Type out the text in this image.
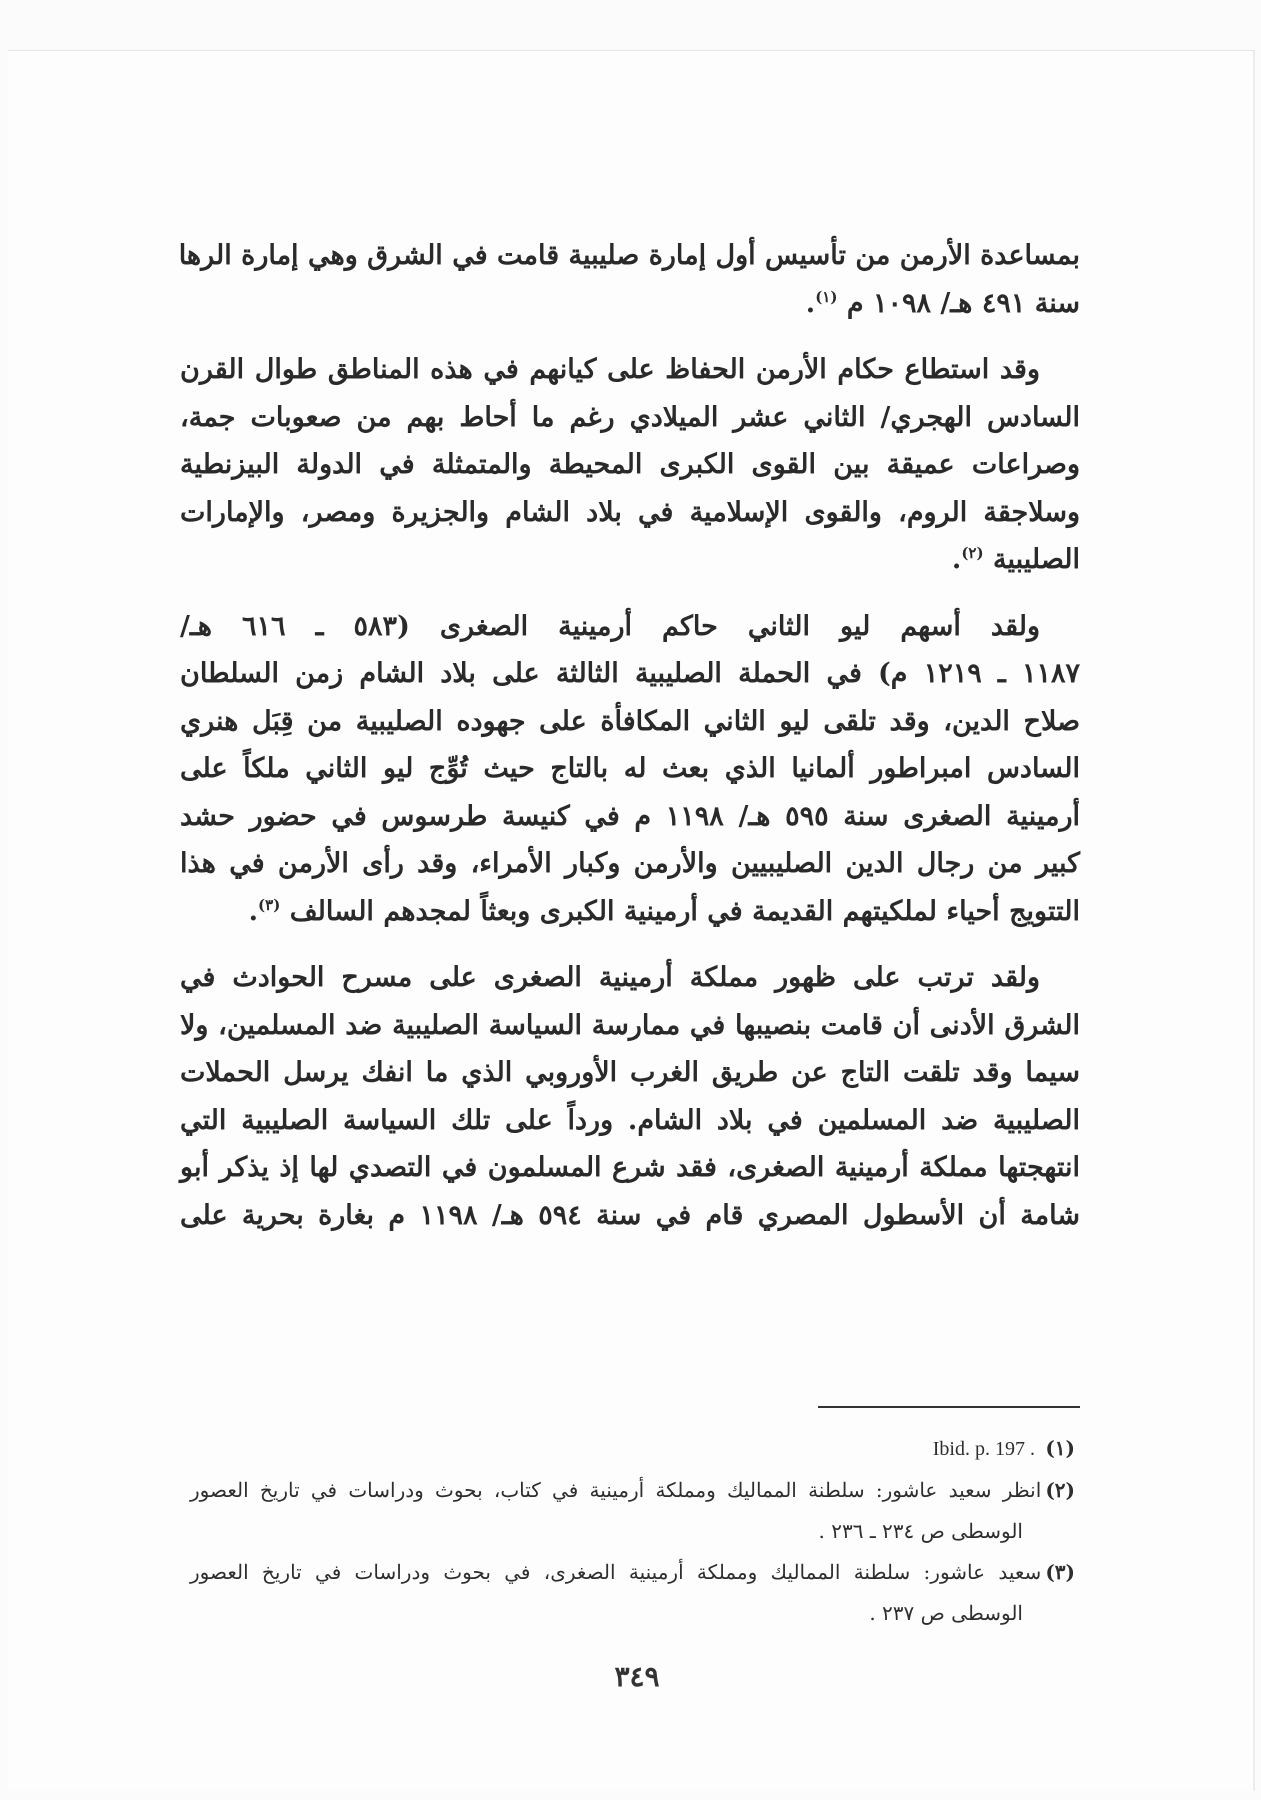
بمساعدة الأرمن من تأسيس أول إمارة صليبية قامت في الشرق وهي إمارة الرها
سنة ٤٩١ هـ/ ١٠٩٨ م $^{(١)}$.

وقد استطاع حكام الأرمن الحفاظ على كيانهم في هذه المناطق طوال القرن
السادس الهجري/ الثاني عشر الميلادي رغم ما أحاط بهم من صعوبات جمة،
وصراعات عميقة بين القوى الكبرى المحيطة والمتمثلة في الدولة البيزنطية
وسلاجقة الروم، والقوى الإسلامية في بلاد الشام والجزيرة ومصر، والإمارات
الصليبية $^{(٢)}$.

ولقد أسهم ليو الثاني حاكم أرمينية الصغرى (٥٨٣ ـ ٦١٦ هـ/
١١٨٧ ـ ١٢١٩ م) في الحملة الصليبية الثالثة على بلاد الشام زمن السلطان
صلاح الدين، وقد تلقى ليو الثاني المكافأة على جهوده الصليبية من قِبَل هنري
السادس امبراطور ألمانيا الذي بعث له بالتاج حيث تُوِّج ليو الثاني ملكاً على
أرمينية الصغرى سنة ٥٩٥ هـ/ ١١٩٨ م في كنيسة طرسوس في حضور حشد
كبير من رجال الدين الصليبيين والأرمن وكبار الأمراء، وقد رأى الأرمن في هذا
التتويج أحياء لملكيتهم القديمة في أرمينية الكبرى وبعثاً لمجدهم السالف $^{(٣)}$.

ولقد ترتب على ظهور مملكة أرمينية الصغرى على مسرح الحوادث في
الشرق الأدنى أن قامت بنصيبها في ممارسة السياسة الصليبية ضد المسلمين، ولا
سيما وقد تلقت التاج عن طريق الغرب الأوروبي الذي ما انفك يرسل الحملات
الصليبية ضد المسلمين في بلاد الشام. ورداً على تلك السياسة الصليبية التي
انتهجتها مملكة أرمينية الصغرى، فقد شرع المسلمون في التصدي لها إذ يذكر أبو
شامة أن الأسطول المصري قام في سنة ٥٩٤ هـ/ ١١٩٨ م بغارة بحرية على

(١) Ibid. p. 197 .
(٢)انظر سعيد عاشور: سلطنة المماليك ومملكة أرمينية في كتاب، بحوث ودراسات في تاريخ العصور
الوسطى ص ٢٣٤ ـ ٢٣٦ .
(٣)سعيد عاشور: سلطنة المماليك ومملكة أرمينية الصغرى، في بحوث ودراسات في تاريخ العصور
الوسطى ص ٢٣٧ .
٣٤٩
